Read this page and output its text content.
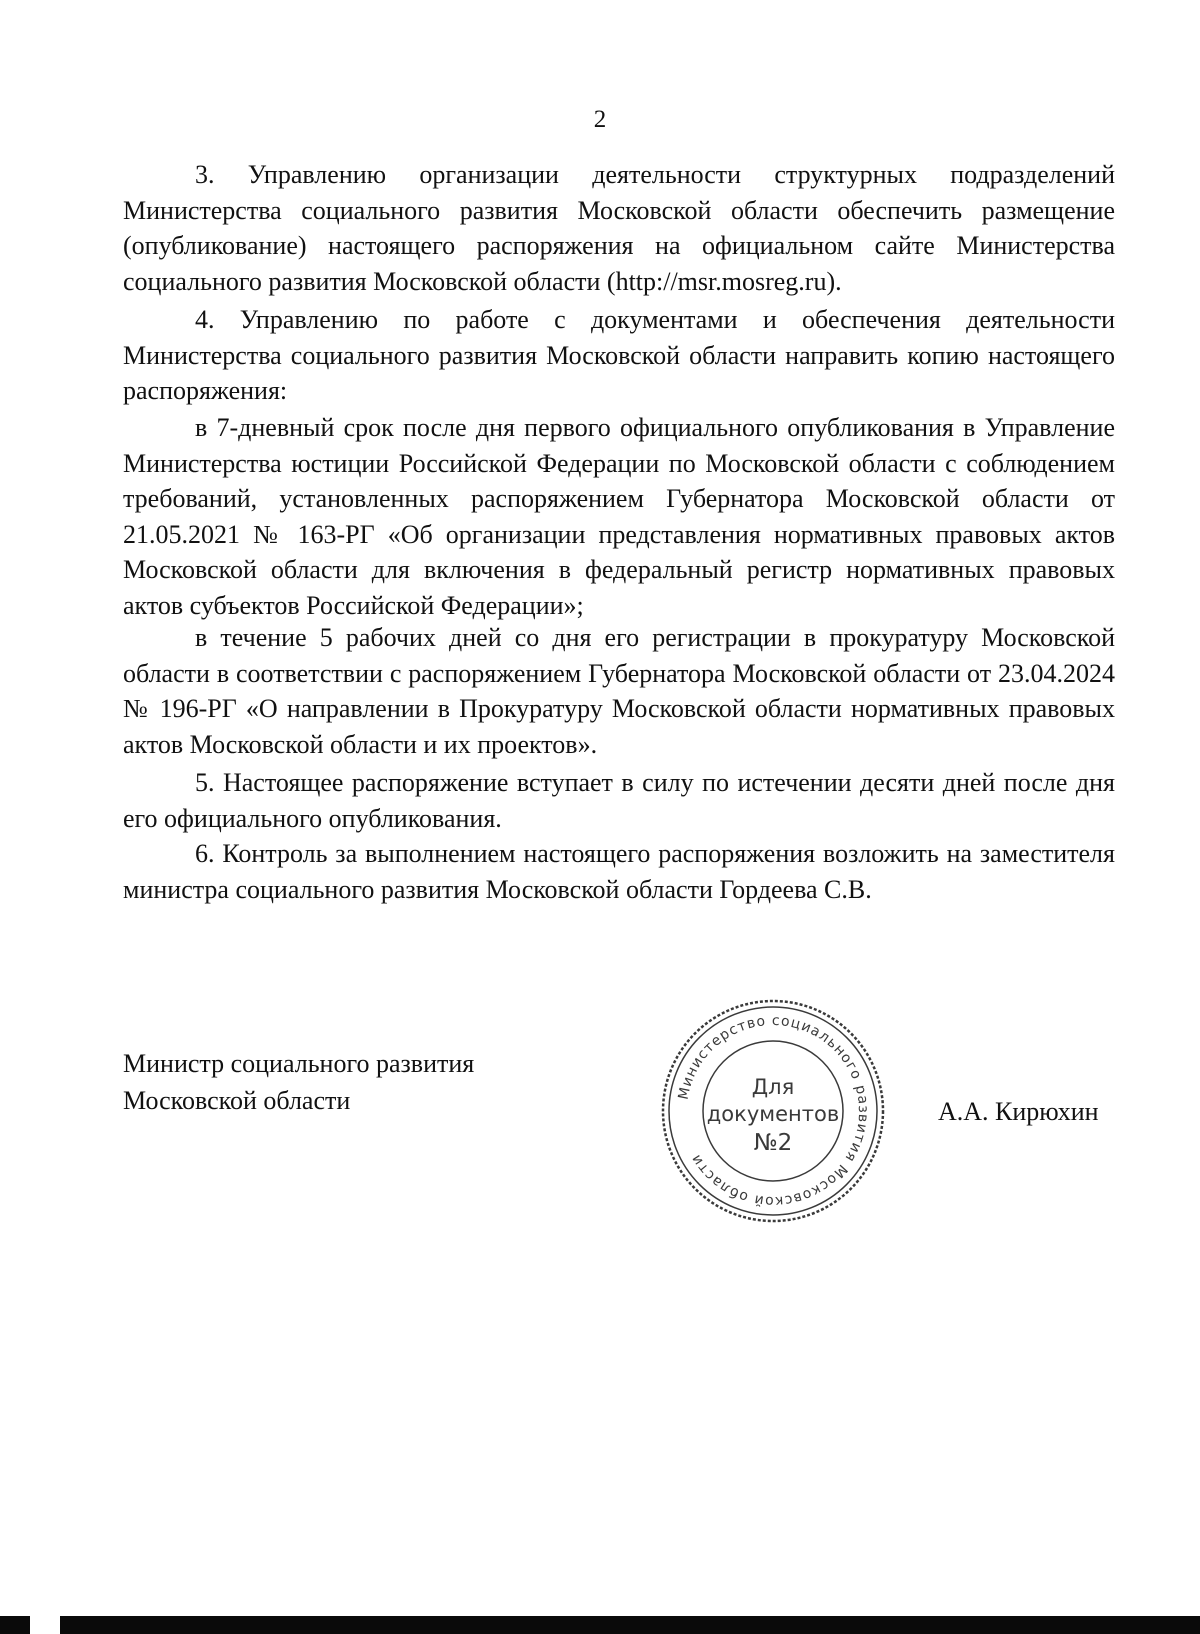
2

3. Управлению организации деятельности структурных подразделений Министерства социального развития Московской области обеспечить размещение (опубликование) настоящего распоряжения на официальном сайте Министерства социального развития Московской области (http://msr.mosreg.ru).

4. Управлению по работе с документами и обеспечения деятельности Министерства социального развития Московской области направить копию настоящего распоряжения:

в 7-дневный срок после дня первого официального опубликования в Управление Министерства юстиции Российской Федерации по Московской области с соблюдением требований, установленных распоряжением Губернатора Московской области от 21.05.2021 № 163-РГ «Об организации представления нормативных правовых актов Московской области для включения в федеральный регистр нормативных правовых актов субъектов Российской Федерации»;

в течение 5 рабочих дней со дня его регистрации в прокуратуру Московской области в соответствии с распоряжением Губернатора Московской области от 23.04.2024 № 196-РГ «О направлении в Прокуратуру Московской области нормативных правовых актов Московской области и их проектов».

5. Настоящее распоряжение вступает в силу по истечении десяти дней после дня его официального опубликования.

6. Контроль за выполнением настоящего распоряжения возложить на заместителя министра социального развития Московской области Гордеева С.В.

Министр социального развития
Московской области	Министерство социального развития Московской области
Для
документов
№2
А.А. Кирюхин
